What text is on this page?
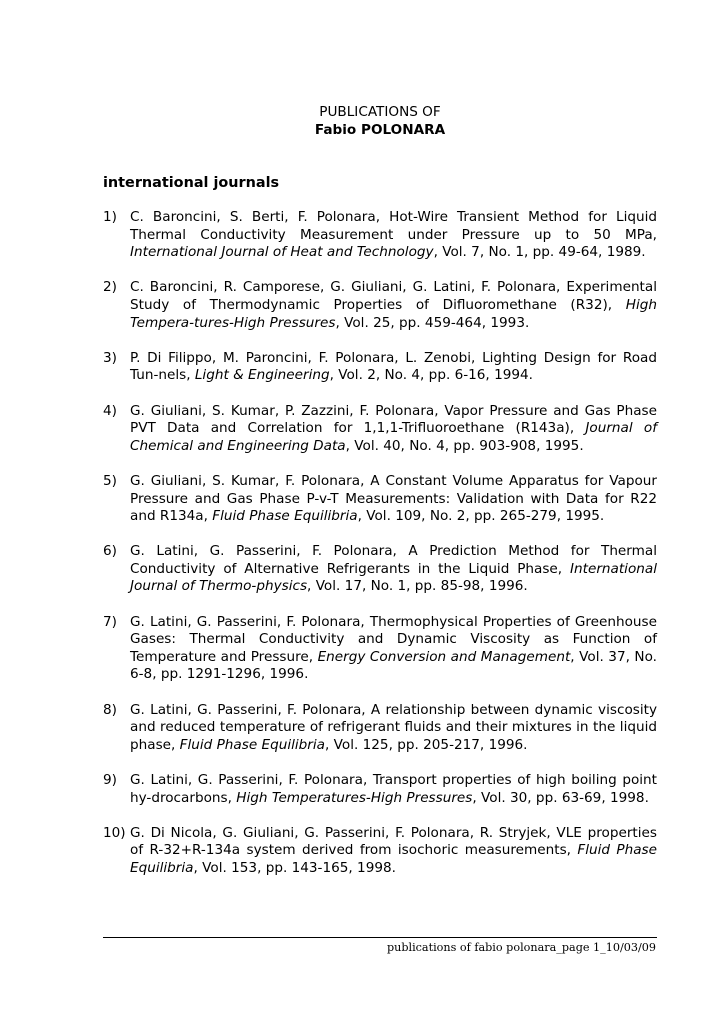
PUBLICATIONS OF
Fabio POLONARA
international journals
1) C. Baroncini, S. Berti, F. Polonara, Hot-Wire Transient Method for Liquid Thermal Conductivity Measurement under Pressure up to 50 MPa, International Journal of Heat and Technology, Vol. 7, No. 1, pp. 49-64, 1989.
2) C. Baroncini, R. Camporese, G. Giuliani, G. Latini, F. Polonara, Experimental Study of Thermodynamic Properties of Difluoromethane (R32), High Tempera-tures-High Pressures, Vol. 25, pp. 459-464, 1993.
3) P. Di Filippo, M. Paroncini, F. Polonara, L. Zenobi, Lighting Design for Road Tun-nels, Light & Engineering, Vol. 2, No. 4, pp. 6-16, 1994.
4) G. Giuliani, S. Kumar, P. Zazzini, F. Polonara, Vapor Pressure and Gas Phase PVT Data and Correlation for 1,1,1-Trifluoroethane (R143a), Journal of Chemical and Engineering Data, Vol. 40, No. 4, pp. 903-908, 1995.
5) G. Giuliani, S. Kumar, F. Polonara, A Constant Volume Apparatus for Vapour Pressure and Gas Phase P-v-T Measurements: Validation with Data for R22 and R134a, Fluid Phase Equilibria, Vol. 109, No. 2, pp. 265-279, 1995.
6) G. Latini, G. Passerini, F. Polonara, A Prediction Method for Thermal Conductivity of Alternative Refrigerants in the Liquid Phase, International Journal of Thermo-physics, Vol. 17, No. 1, pp. 85-98, 1996.
7) G. Latini, G. Passerini, F. Polonara, Thermophysical Properties of Greenhouse Gases: Thermal Conductivity and Dynamic Viscosity as Function of Temperature and Pressure, Energy Conversion and Management, Vol. 37, No. 6-8, pp. 1291-1296, 1996.
8) G. Latini, G. Passerini, F. Polonara, A relationship between dynamic viscosity and reduced temperature of refrigerant fluids and their mixtures in the liquid phase, Fluid Phase Equilibria, Vol. 125, pp. 205-217, 1996.
9) G. Latini, G. Passerini, F. Polonara, Transport properties of high boiling point hy-drocarbons, High Temperatures-High Pressures, Vol. 30, pp. 63-69, 1998.
10) G. Di Nicola, G. Giuliani, G. Passerini, F. Polonara, R. Stryjek, VLE properties of R-32+R-134a system derived from isochoric measurements, Fluid Phase Equilibria, Vol. 153, pp. 143-165, 1998.
publications of fabio polonara_page 1_10/03/09
